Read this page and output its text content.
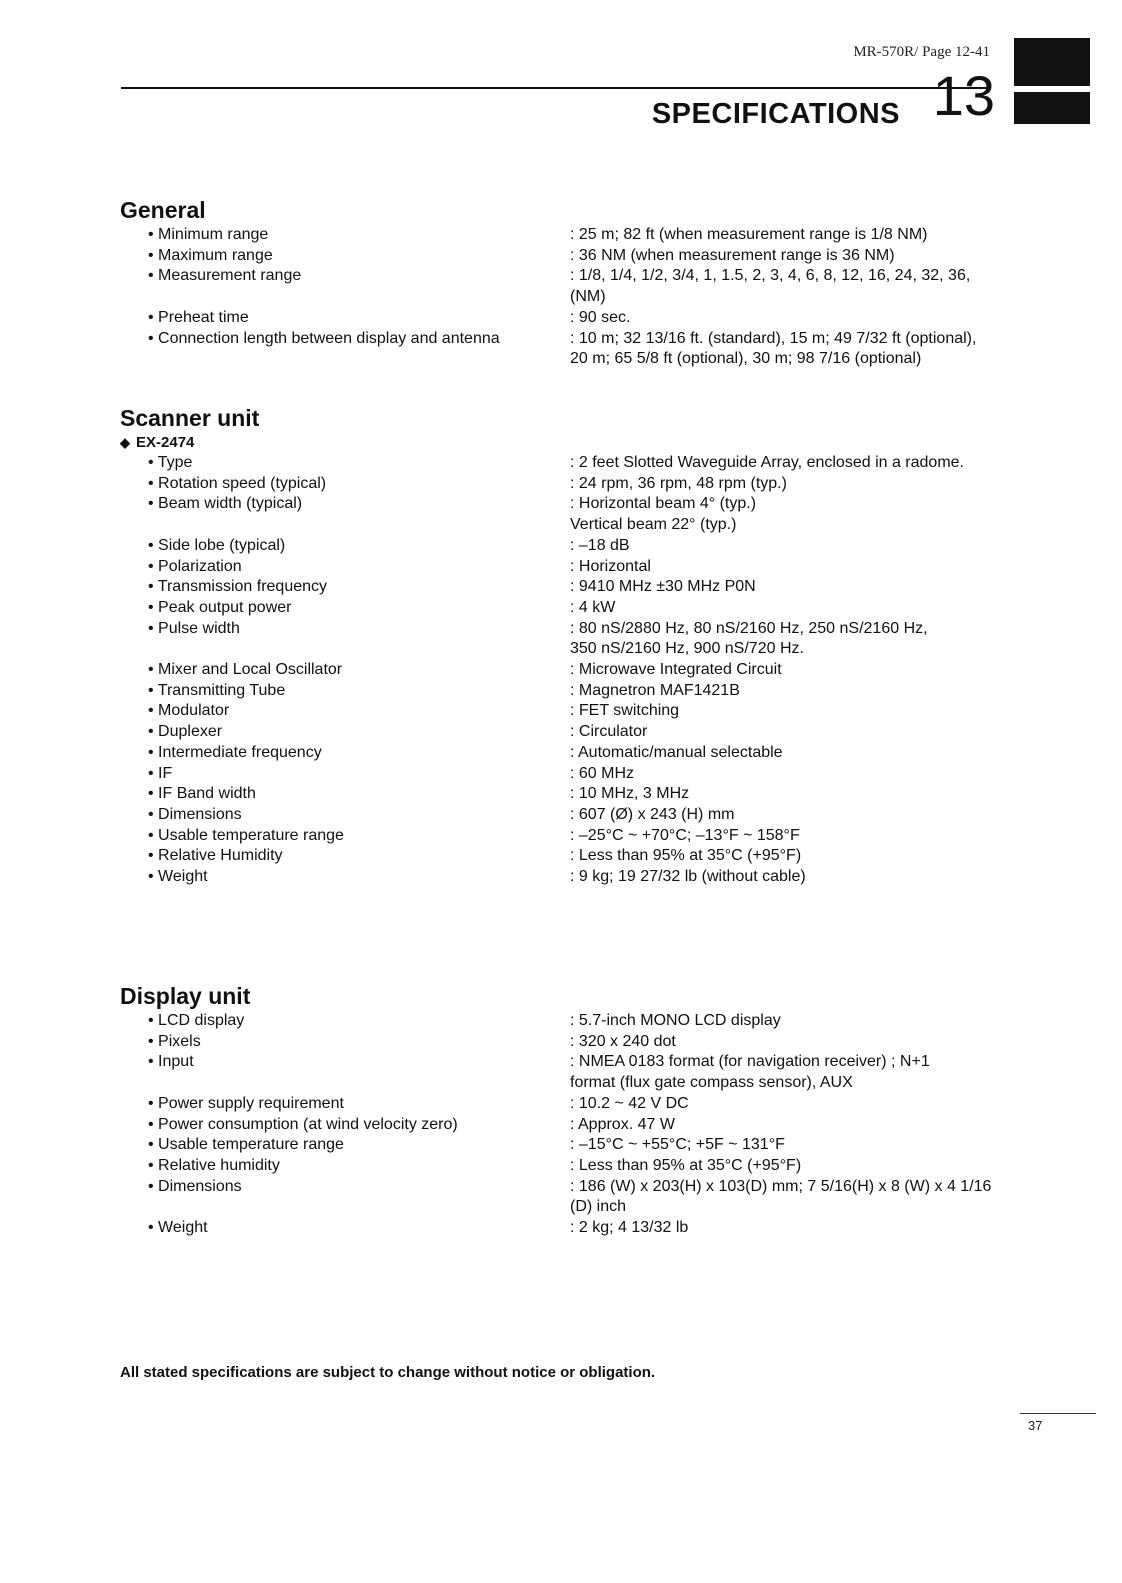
MR-570R/ Page 12-41
SPECIFICATIONS 13
General
• Minimum range	: 25 m; 82 ft (when measurement range is 1/8 NM)
• Maximum range	: 36 NM (when measurement range is 36 NM)
• Measurement range	: 1/8, 1/4, 1/2, 3/4, 1, 1.5, 2, 3, 4, 6, 8, 12, 16, 24, 32, 36,
(NM)
• Preheat time	: 90 sec.
• Connection length between display and antenna	: 10 m; 32 13/16 ft. (standard), 15 m; 49 7/32 ft (optional),
20 m; 65 5/8 ft (optional), 30 m; 98 7/16 (optional)
Scanner unit
◆ EX-2474
• Type	: 2 feet Slotted Waveguide Array, enclosed in a radome.
• Rotation speed (typical)	: 24 rpm, 36 rpm, 48 rpm (typ.)
• Beam width (typical)	: Horizontal beam 4° (typ.)
Vertical beam 22° (typ.)
• Side lobe (typical)	: –18 dB
• Polarization	: Horizontal
• Transmission frequency	: 9410 MHz ±30 MHz P0N
• Peak output power	: 4 kW
• Pulse width	: 80 nS/2880 Hz, 80 nS/2160 Hz, 250 nS/2160 Hz,
350 nS/2160 Hz, 900 nS/720 Hz.
• Mixer and Local Oscillator	: Microwave Integrated Circuit
• Transmitting Tube	: Magnetron MAF1421B
• Modulator	: FET switching
• Duplexer	: Circulator
• Intermediate frequency	: Automatic/manual selectable
• IF	: 60 MHz
• IF Band width	: 10 MHz, 3 MHz
• Dimensions	: 607 (Ø) x 243 (H) mm
• Usable temperature range	: –25°C ~ +70°C; –13°F ~ 158°F
• Relative Humidity	: Less than 95% at 35°C (+95°F)
• Weight	: 9 kg; 19 27/32 lb (without cable)
Display unit
• LCD display	: 5.7-inch MONO LCD display
• Pixels	: 320 x 240 dot
• Input	: NMEA 0183 format (for navigation receiver) ; N+1
format (flux gate compass sensor), AUX
• Power supply requirement	: 10.2 ~ 42 V DC
• Power consumption (at wind velocity zero)	: Approx. 47 W
• Usable temperature range	: –15°C ~ +55°C; +5F ~ 131°F
• Relative humidity	: Less than 95% at 35°C (+95°F)
• Dimensions	: 186 (W) x 203(H) x 103(D) mm; 7 5/16(H) x 8 (W) x 4 1/16
(D) inch
• Weight	: 2 kg; 4 13/32 lb
All stated specifications are subject to change without notice or obligation.
37
